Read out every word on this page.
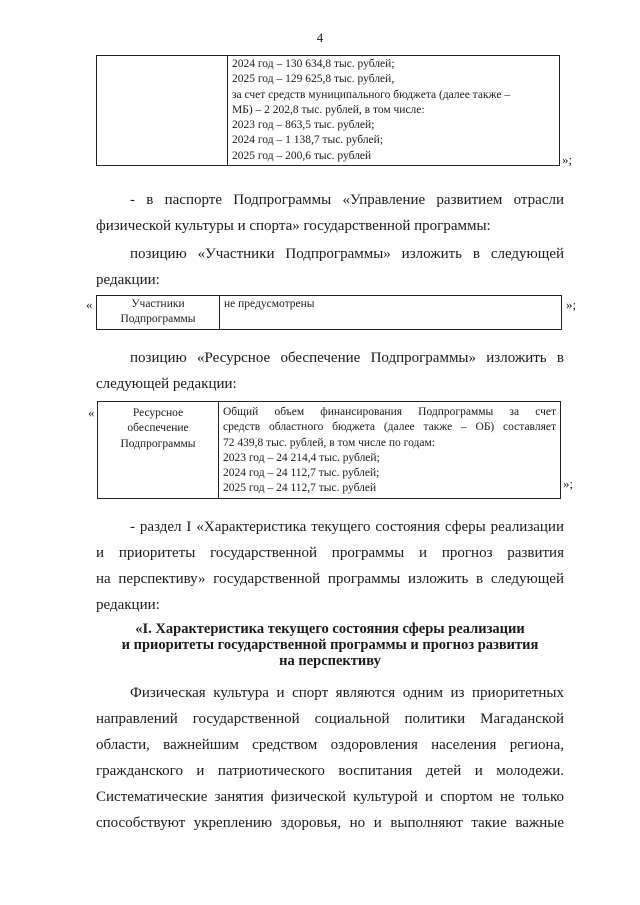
4

2024 год – 130 634,8 тыс. рублей;
2025 год – 129 625,8 тыс. рублей,
за счет средств муниципального бюджета (далее также –
МБ) – 2 202,8 тыс. рублей, в том числе:
2023 год – 863,5 тыс. рублей;
2024 год – 1 138,7 тыс. рублей;
2025 год – 200,6 тыс. рублей	»;
- в паспорте Подпрограммы «Управление развитием отрасли
физической культуры и спорта» государственной программы:
позицию «Участники Подпрограммы» изложить в следующей
редакции:
«	Участники
Подпрограммы
	не предусмотрены	»;
позицию «Ресурсное обеспечение Подпрограммы» изложить в
следующей редакции:
«	Ресурсное
обеспечение
Подпрограммы

Общий объем финансирования Подпрограммы за счет
средств областного бюджета (далее также – ОБ) составляет
72 439,8 тыс. рублей, в том числе по годам:
2023 год – 24 214,4 тыс. рублей;
2024 год – 24 112,7 тыс. рублей;
2025 год – 24 112,7 тыс. рублей	»;
- раздел I «Характеристика текущего состояния сферы реализации
и приоритеты государственной программы и прогноз развития
на перспективу» государственной программы изложить в следующей
редакции:
«I. Характеристика текущего состояния сферы реализации
и приоритеты государственной программы и прогноз развития
на перспективу
Физическая культура и спорт являются одним из приоритетных
направлений государственной социальной политики Магаданской
области, важнейшим средством оздоровления населения региона,
гражданского и патриотического воспитания детей и молодежи.
Систематические занятия физической культурой и спортом не только
способствуют укреплению здоровья, но и выполняют такие важные
